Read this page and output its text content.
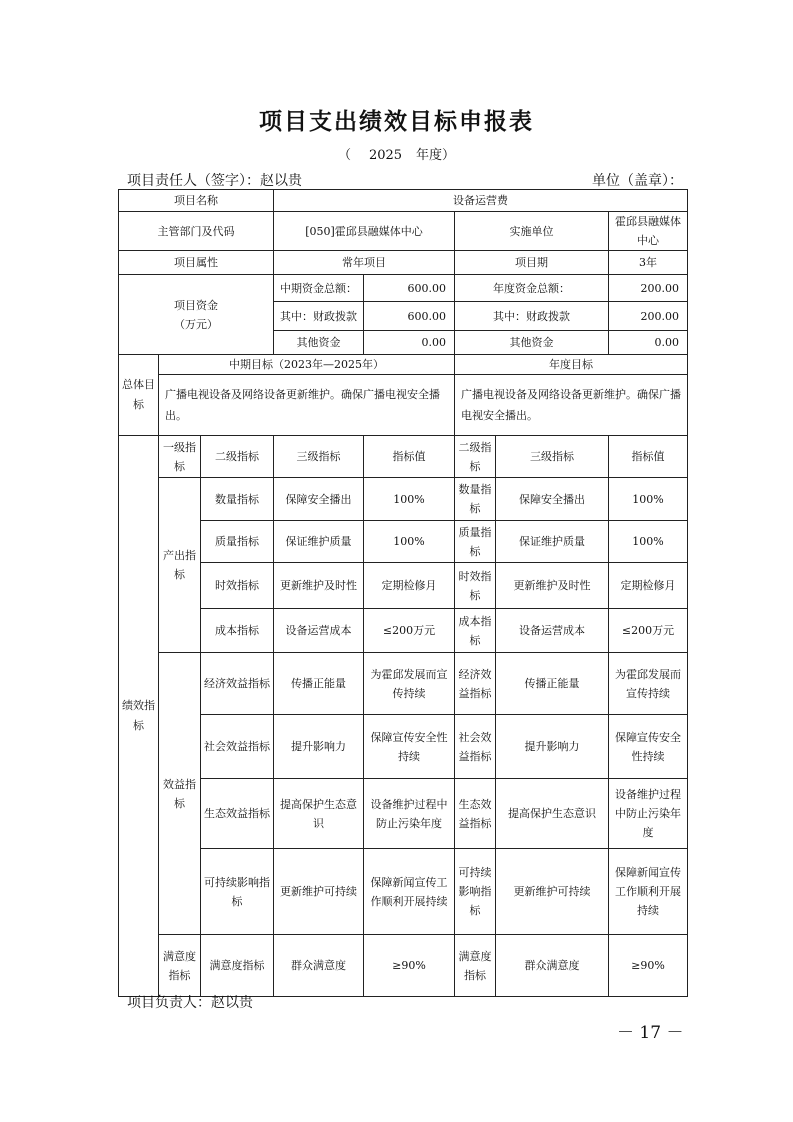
项目支出绩效目标申报表
（ 2025 年度）
项目责任人（签字）：赵以贵	单位（盖章）：
项目名称			设备运营费				
主管部门及代码			[050]霍邱县融媒体中心		实施单位		霍邱县融媒体中心
项目属性			常年项目		项目期		3年

项目资金
（万元）			中期资金总额：	600.00	年度资金总额：		200.00
			其中：财政拨款	600.00	其中：财政拨款		200.00
			其他资金	0.00	其他资金		0.00
总体目标	中期目标（2023年—2025年）				年度目标		
	广播电视设备及网络设备更新维护。确保广播电视安全播出。				广播电视设备及网络设备更新维护。确保广播电视安全播出。		
绩效指标	一级指标	二级指标	三级指标	指标值	二级指标	三级指标	指标值
	产出指标	数量指标	保障安全播出	100%	数量指标	保障安全播出	100%
		质量指标	保证维护质量	100%	质量指标	保证维护质量	100%
		时效指标	更新维护及时性	定期检修月	时效指标	更新维护及时性	定期检修月
		成本指标	设备运营成本	≤200万元	成本指标	设备运营成本	≤200万元
	效益指标	经济效益指标	传播正能量	为霍邱发展而宣传持续	经济效益指标	传播正能量	为霍邱发展而宣传持续
		社会效益指标	提升影响力	保障宣传安全性持续	社会效益指标	提升影响力	保障宣传安全性持续
		生态效益指标	提高保护生态意识	设备维护过程中防止污染年度	生态效益指标	提高保护生态意识	设备维护过程中防止污染年度
		可持续影响指标	更新维护可持续	保障新闻宣传工作顺利开展持续	可持续影响指标	更新维护可持续	保障新闻宣传工作顺利开展持续
	满意度指标	满意度指标	群众满意度	≥90%	满意度指标	群众满意度	≥90%
项目负责人：赵以贵
－ 17 －
